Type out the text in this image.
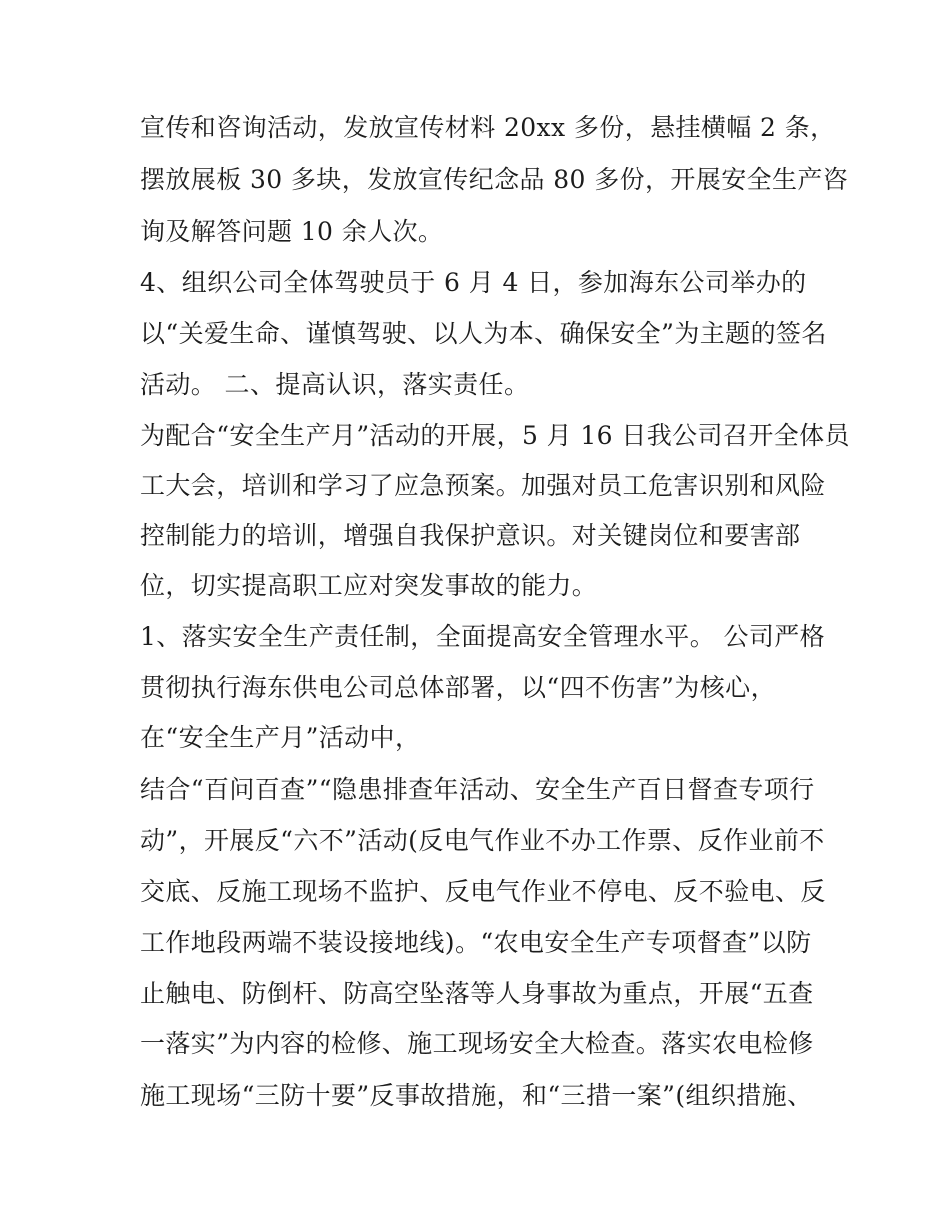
宣传和咨询活动，发放宣传材料 20xx 多份，悬挂横幅 2 条，
摆放展板 30 多块，发放宣传纪念品 80 多份，开展安全生产咨
询及解答问题 10 余人次。
4、组织公司全体驾驶员于 6 月 4 日，参加海东公司举办的
以“关爱生命、谨慎驾驶、以人为本、确保安全”为主题的签名
活动。 二、提高认识，落实责任。
为配合“安全生产月”活动的开展，5 月 16 日我公司召开全体员
工大会，培训和学习了应急预案。加强对员工危害识别和风险
控制能力的培训，增强自我保护意识。对关键岗位和要害部
位，切实提高职工应对突发事故的能力。
1、落实安全生产责任制，全面提高安全管理水平。 公司严格
贯彻执行海东供电公司总体部署，以“四不伤害”为核心，
在“安全生产月”活动中，
结合“百问百查”“隐患排查年活动、安全生产百日督查专项行
动”，开展反“六不”活动(反电气作业不办工作票、反作业前不
交底、反施工现场不监护、反电气作业不停电、反不验电、反
工作地段两端不装设接地线)。“农电安全生产专项督查”以防
止触电、防倒杆、防高空坠落等人身事故为重点，开展“五查
一落实”为内容的检修、施工现场安全大检查。落实农电检修
施工现场“三防十要”反事故措施，和“三措一案”(组织措施、
